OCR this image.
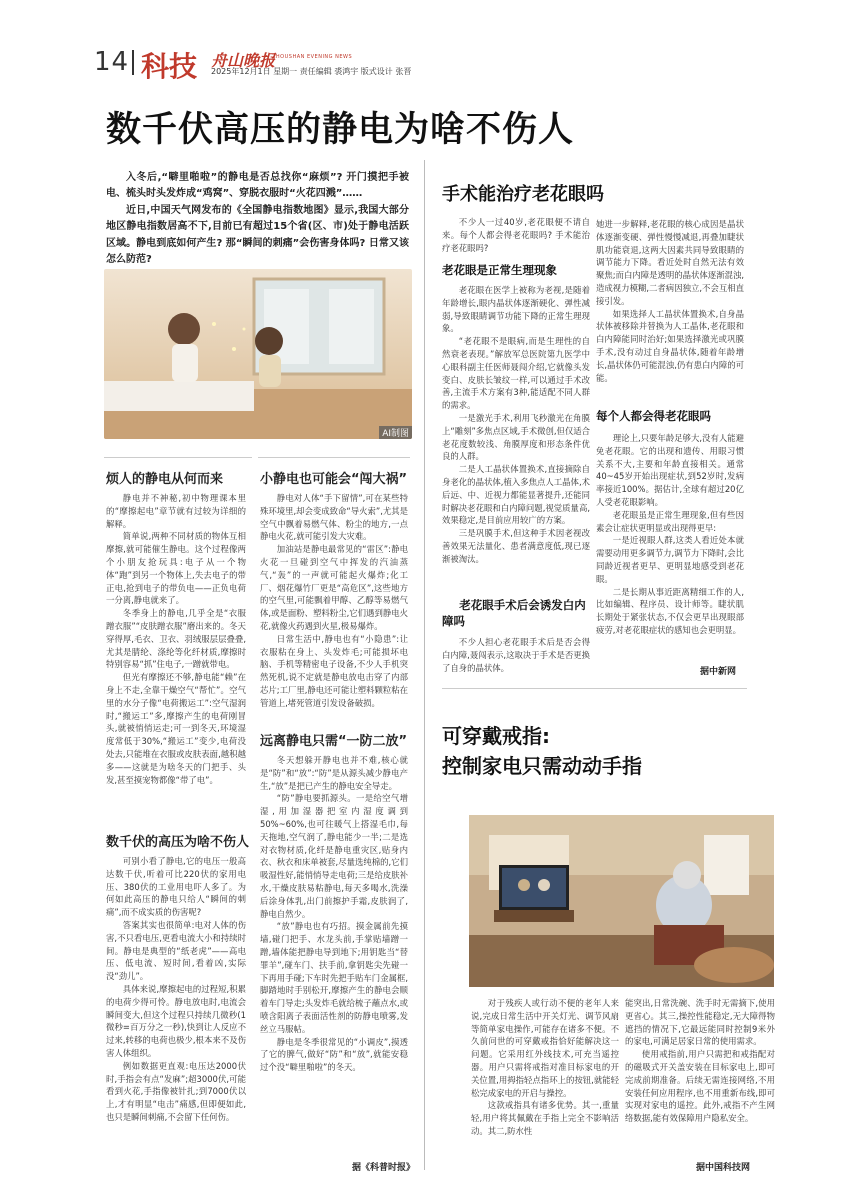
14 科技 舟山晚报
ZHOUSHAN EVENING NEWS
2025年12月1日 星期一 责任编辑 裘鸿宇 版式设计 张晋
数千伏高压的静电为啥不伤人

入冬后,“噼里啪啦”的静电是否总找你“麻烦”? 开门摸把手被电、梳头时头发炸成“鸡窝”、穿脱衣服时“火花四溅”……

近日,中国天气网发布的《全国静电指数地图》显示,我国大部分地区静电指数居高不下,目前已有超过15个省(区、市)处于静电活跃区域。静电到底如何产生? 那“瞬间的刺痛”会伤害身体吗? 日常又该怎么防范?

AI制图
烦人的静电从何而来

静电并不神秘,初中物理课本里的“摩擦起电”章节就有过较为详细的解释。

简单说,两种不同材质的物体互相摩擦,就可能催生静电。这个过程像两个小朋友抢玩具:电子从一个物体“跑”到另一个物体上,失去电子的带正电,抢到电子的带负电——正负电荷一分离,静电就来了。

冬季身上的静电,几乎全是“衣服蹭衣服”“皮肤蹭衣服”磨出来的。冬天穿得厚,毛衣、卫衣、羽绒服层层叠叠,尤其是腈纶、涤纶等化纤材质,摩擦时特别容易“抓”住电子,一蹭就带电。

但光有摩擦还不够,静电能“赖”在身上不走,全靠干燥空气“帮忙”。空气里的水分子像“电荷搬运工”:空气湿润时,“搬运工”多,摩擦产生的电荷刚冒头,就被悄悄运走;可一到冬天,环境湿度常低于30%,“搬运工”变少,电荷没处去,只能堆在衣服或皮肤表面,越积越多——这就是为啥冬天的门把手、头发,甚至摸宠物都像“带了电”。

数千伏的高压为啥不伤人

可别小看了静电,它的电压一般高达数千伏,听着可比220伏的家用电压、380伏的工业用电吓人多了。为何如此高压的静电只给人“瞬间的刺痛”,而不成实质的伤害呢?

答案其实也很简单:电对人体的伤害,不只看电压,更看电流大小和持续时间。静电是典型的“纸老虎”——高电压、低电流、短时间,看着凶,实际没“劲儿”。

具体来说,摩擦起电的过程短,积累的电荷少得可怜。静电放电时,电流会瞬间变大,但这个过程只持续几微秒(1微秒=百万分之一秒),快到让人反应不过来,转移的电荷也极少,根本来不及伤害人体组织。

例如数据更直观:电压达2000伏时,手指会有点“发麻”;超3000伏,可能看到火花,手指像被针扎;到7000伏以上,才有明显“电击”痛感,但即便如此,也只是瞬间刺痛,不会留下任何伤。

小静电也可能会“闯大祸”

静电对人体“手下留情”,可在某些特殊环境里,却会变成致命“导火索”,尤其是空气中飘着易燃气体、粉尘的地方,一点静电火花,就可能引发大灾难。

加油站是静电最常见的“雷区”:静电火花一旦碰到空气中挥发的汽油蒸气,“轰”的一声就可能起火爆炸;化工厂、烟花爆竹厂更是“高危区”,这些地方的空气里,可能飘着甲醇、乙醇等易燃气体,或是面粉、塑料粉尘,它们遇到静电火花,就像火药遇到火星,极易爆炸。

日常生活中,静电也有“小隐患”:让衣服粘在身上、头发炸毛;可能损坏电脑、手机等精密电子设备,不少人手机突然死机,说不定就是静电放电击穿了内部芯片;工厂里,静电还可能让塑料颗粒粘在管道上,堵死管道引发设备破损。

远离静电只需“一防二放”

冬天想躲开静电也并不难,核心就是“防”和“放”:“防”是从源头减少静电产生,“放”是把已产生的静电安全导走。

“防”静电要抓源头。一是给空气增湿,用加湿器把室内湿度调到50%~60%,也可往暖气上搭湿毛巾,每天拖地,空气润了,静电能少一半;二是选对衣物材质,化纤是静电重灾区,贴身内衣、秋衣和床单被套,尽量选纯棉的,它们吸湿性好,能悄悄导走电荷;三是给皮肤补水,干燥皮肤易粘静电,每天多喝水,洗澡后涂身体乳,出门前擦护手霜,皮肤润了,静电自然少。

“放”静电也有巧招。摸金属前先摸墙,碰门把手、水龙头前,手掌贴墙蹭一蹭,墙体能把静电导到地下;用钥匙当“替罪羊”,碰车门、扶手前,拿钥匙尖先碰一下再用手碰;下车时先把手贴车门金属框,脚踏地时手别松开,摩擦产生的静电会顺着车门导走;头发炸毛就给梳子蘸点水,或喷含阳离子表面活性剂的防静电喷雾,发丝立马服帖。

静电是冬季很常见的“小调皮”,摸透了它的脾气,做好“防”和“放”,就能安稳过个没“噼里啪啦”的冬天。

据《科普时报》
手术能治疗老花眼吗

不少人一过40岁,老花眼便不请自来。每个人都会得老花眼吗? 手术能治疗老花眼吗?

老花眼是正常生理现象

老花眼在医学上被称为老视,是随着年龄增长,眼内晶状体逐渐硬化、弹性减弱,导致眼睛调节功能下降的正常生理现象。

“老花眼不是眼病,而是生理性的自然衰老表现。”解放军总医院第九医学中心眼科副主任医师聂闯介绍,它就像头发变白、皮肤长皱纹一样,可以通过手术改善,主流手术方案有3种,能适配不同人群的需求。

一是激光手术,利用飞秒激光在角膜上“雕刻”多焦点区域,手术微创,但仅适合老花度数较浅、角膜厚度和形态条件优良的人群。

二是人工晶状体置换术,直接摘除自身老化的晶状体,植入多焦点人工晶体,术后远、中、近视力都能显著提升,还能同时解决老花眼和白内障问题,视觉质量高,效果稳定,是目前应用较广的方案。

三是巩膜手术,但这种手术因老视改善效果无法量化、患者满意度低,现已逐渐被淘汰。

老花眼手术后会诱发白内障吗

不少人担心老花眼手术后是否会得白内障,聂闯表示,这取决于手术是否更换了自身的晶状体。

她进一步解释,老花眼的核心成因是晶状体逐渐变硬、弹性慢慢减退,再叠加睫状肌功能衰退,这两大因素共同导致眼睛的调节能力下降。看近处时自然无法有效聚焦;而白内障是透明的晶状体逐渐混浊,造成视力模糊,二者病因独立,不会互相直接引发。

如果选择人工晶状体置换术,自身晶状体被移除并替换为人工晶体,老花眼和白内障能同时治好;如果选择激光或巩膜手术,没有动过自身晶状体,随着年龄增长,晶状体仍可能混浊,仍有患白内障的可能。

每个人都会得老花眼吗

理论上,只要年龄足够大,没有人能避免老花眼。它的出现和遗传、用眼习惯关系不大,主要和年龄直接相关。通常40~45岁开始出现症状,到52岁时,发病率接近100%。据估计,全球有超过20亿人受老花眼影响。

老花眼虽是正常生理现象,但有些因素会让症状更明显或出现得更早:

一是近视眼人群,这类人看近处本就需要动用更多调节力,调节力下降时,会比同龄近视者更早、更明显地感受到老花眼。

二是长期从事近距离精细工作的人,比如编辑、程序员、设计师等。睫状肌长期处于紧张状态,不仅会更早出现眼部疲劳,对老花眼症状的感知也会更明显。

据中新网
可穿戴戒指:
控制家电只需动动手指

对于残疾人或行动不便的老年人来说,完成日常生活中开关灯光、调节风扇等简单家电操作,可能存在诸多不便。不久前问世的可穿戴戒指恰好能解决这一问题。它采用红外线技术,可充当遥控器。用户只需将戒指对准目标家电的开关位置,用拇指轻点指环上的按钮,就能轻松完成家电的开启与操控。

这款戒指具有诸多优势。其一,重量轻,用户将其佩戴在手指上完全不影响活动。其二,防水性

能突出,日常洗碗、洗手时无需摘下,使用更省心。其三,操控性能稳定,无大障得物遮挡的情况下,它最远能同时控制9米外的家电,可满足居家日常的使用需求。

使用戒指前,用户只需把和戒指配对的磁吸式开关盖安装在目标家电上,即可完成前期准备。后续无需连接网络,不用安装任何应用程序,也不用重新布线,即可实现对家电的遥控。此外,戒指不产生网络数据,能有效保障用户隐私安全。

据中国科技网
